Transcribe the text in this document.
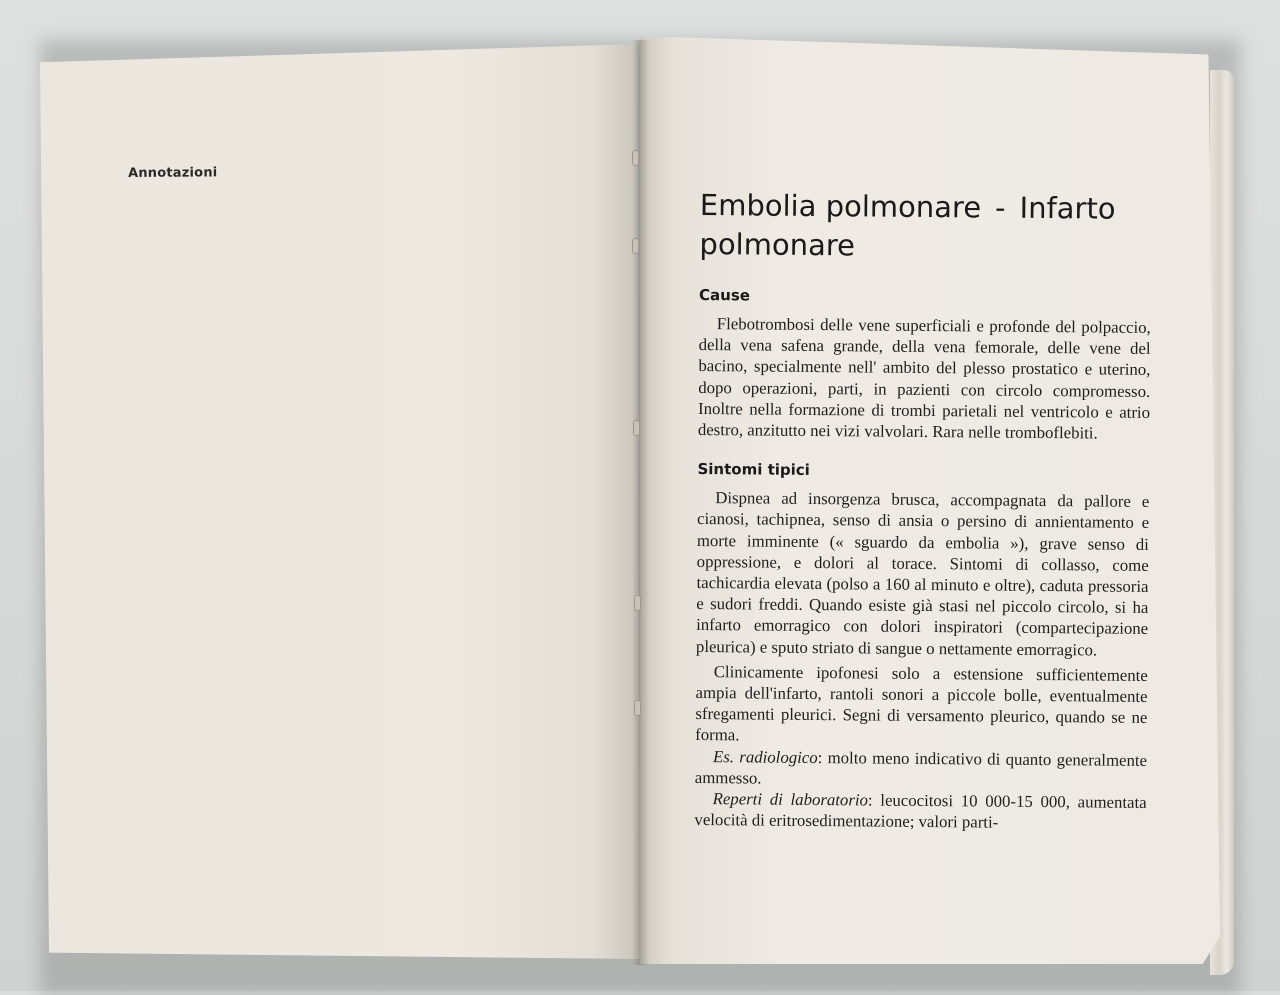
Annotazioni
Embolia polmonare - Infarto
polmonare
Cause

Flebotrombosi delle vene superficiali e profonde del polpaccio, della vena safena grande, della vena femorale, delle vene del bacino, specialmente nell' ambito del plesso prostatico e uterino, dopo operazioni, parti, in pazienti con circolo compromesso. Inoltre nella formazione di trombi parietali nel ventricolo e atrio destro, anzitutto nei vizi valvolari. Rara nelle tromboflebiti.

Sintomi tipici

Dispnea ad insorgenza brusca, accompagnata da pallore e cianosi, tachipnea, senso di ansia o persino di annientamento e morte imminente (« sguardo da embolia »), grave senso di oppressione, e dolori al torace. Sintomi di collasso, come tachicardia elevata (polso a 160 al minuto e oltre), caduta pressoria e sudori freddi. Quando esiste già stasi nel piccolo circolo, si ha infarto emorragico con dolori inspiratori (compartecipazione pleurica) e sputo striato di sangue o nettamente emorragico.

Clinicamente ipofonesi solo a estensione sufficientemente ampia dell'infarto, rantoli sonori a piccole bolle, eventualmente sfregamenti pleurici. Segni di versamento pleurico, quando se ne forma.

Es. radiologico: molto meno indicativo di quanto generalmente ammesso.

Reperti di laboratorio: leucocitosi 10 000-15 000, aumentata velocità di eritrosedimentazione; valori parti-
